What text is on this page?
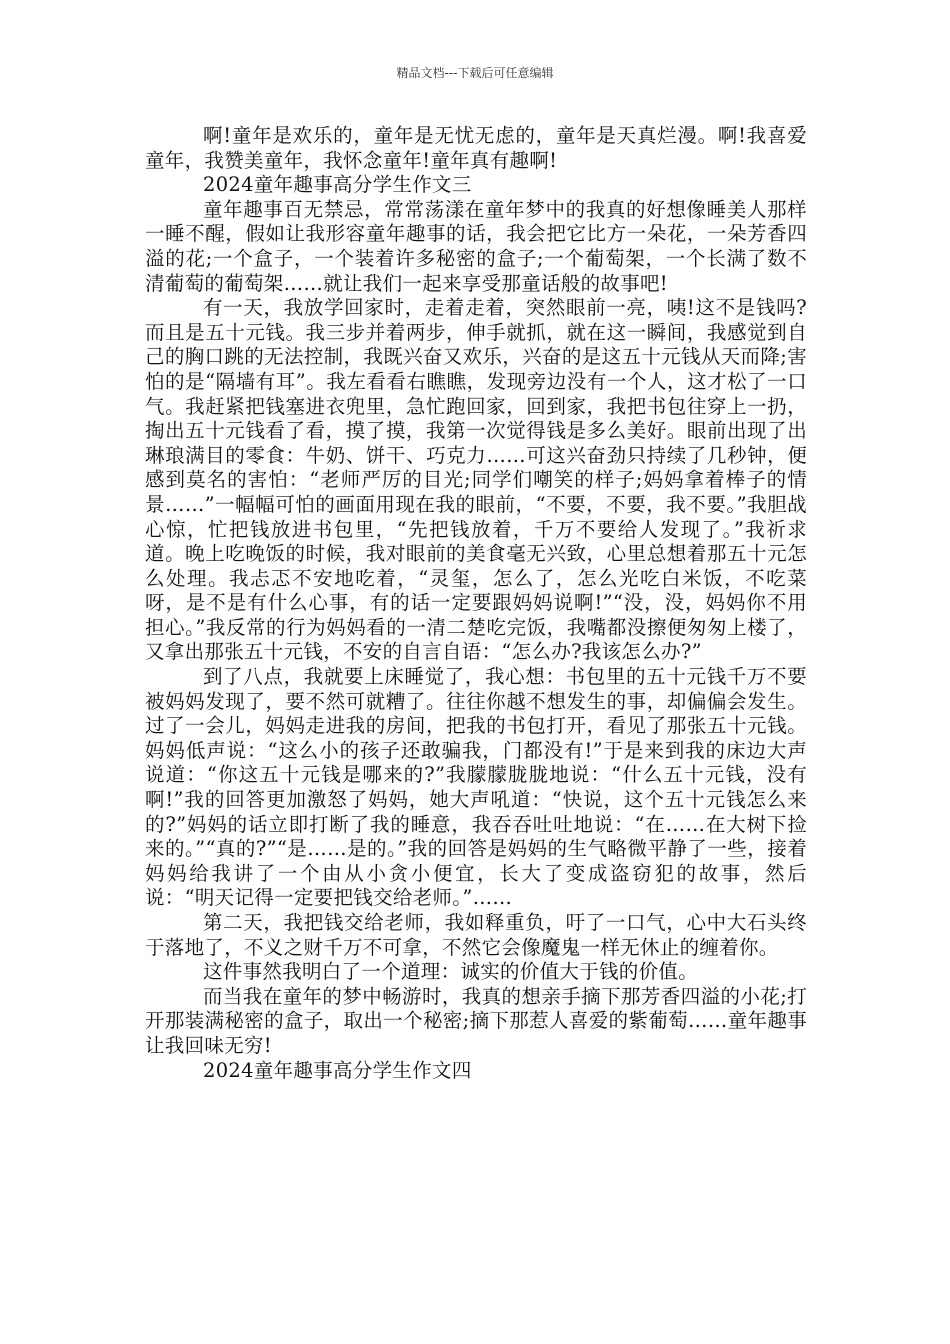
精品文档---下载后可任意编辑

啊!童年是欢乐的，童年是无忧无虑的，童年是天真烂漫。啊!我喜爱童年，我赞美童年，我怀念童年!童年真有趣啊!

2024童年趣事高分学生作文三

童年趣事百无禁忌，常常荡漾在童年梦中的我真的好想像睡美人那样一睡不醒，假如让我形容童年趣事的话，我会把它比方一朵花，一朵芳香四溢的花;一个盒子，一个装着许多秘密的盒子;一个葡萄架，一个长满了数不清葡萄的葡萄架……就让我们一起来享受那童话般的故事吧!

有一天，我放学回家时，走着走着，突然眼前一亮，咦!这不是钱吗?而且是五十元钱。我三步并着两步，伸手就抓，就在这一瞬间，我感觉到自己的胸口跳的无法控制，我既兴奋又欢乐，兴奋的是这五十元钱从天而降;害怕的是“隔墙有耳”。我左看看右瞧瞧，发现旁边没有一个人，这才松了一口气。我赶紧把钱塞进衣兜里，急忙跑回家，回到家，我把书包往穿上一扔，掏出五十元钱看了看，摸了摸，我第一次觉得钱是多么美好。眼前出现了出琳琅满目的零食：牛奶、饼干、巧克力……可这兴奋劲只持续了几秒钟，便感到莫名的害怕：“老师严厉的目光;同学们嘲笑的样子;妈妈拿着棒子的情景……”一幅幅可怕的画面用现在我的眼前，“不要，不要，我不要。”我胆战心惊，忙把钱放进书包里，“先把钱放着，千万不要给人发现了。”我祈求道。晚上吃晚饭的时候，我对眼前的美食毫无兴致，心里总想着那五十元怎么处理。我忐忑不安地吃着，“灵玺，怎么了，怎么光吃白米饭，不吃菜呀，是不是有什么心事，有的话一定要跟妈妈说啊!”“没，没，妈妈你不用担心。”我反常的行为妈妈看的一清二楚吃完饭，我嘴都没擦便匆匆上楼了，又拿出那张五十元钱，不安的自言自语：“怎么办?我该怎么办?”

到了八点，我就要上床睡觉了，我心想：书包里的五十元钱千万不要被妈妈发现了，要不然可就糟了。往往你越不想发生的事，却偏偏会发生。过了一会儿，妈妈走进我的房间，把我的书包打开，看见了那张五十元钱。妈妈低声说：“这么小的孩子还敢骗我，门都没有!”于是来到我的床边大声说道：“你这五十元钱是哪来的?”我朦朦胧胧地说：“什么五十元钱，没有啊!”我的回答更加激怒了妈妈，她大声吼道：“快说，这个五十元钱怎么来的?”妈妈的话立即打断了我的睡意，我吞吞吐吐地说：“在……在大树下捡来的。”“真的?”“是……是的。”我的回答是妈妈的生气略微平静了一些，接着妈妈给我讲了一个由从小贪小便宜，长大了变成盗窃犯的故事，然后说：“明天记得一定要把钱交给老师。”……

第二天，我把钱交给老师，我如释重负，吁了一口气，心中大石头终于落地了，不义之财千万不可拿，不然它会像魔鬼一样无休止的缠着你。

这件事然我明白了一个道理：诚实的价值大于钱的价值。

而当我在童年的梦中畅游时，我真的想亲手摘下那芳香四溢的小花;打开那装满秘密的盒子，取出一个秘密;摘下那惹人喜爱的紫葡萄……童年趣事让我回味无穷!

2024童年趣事高分学生作文四
